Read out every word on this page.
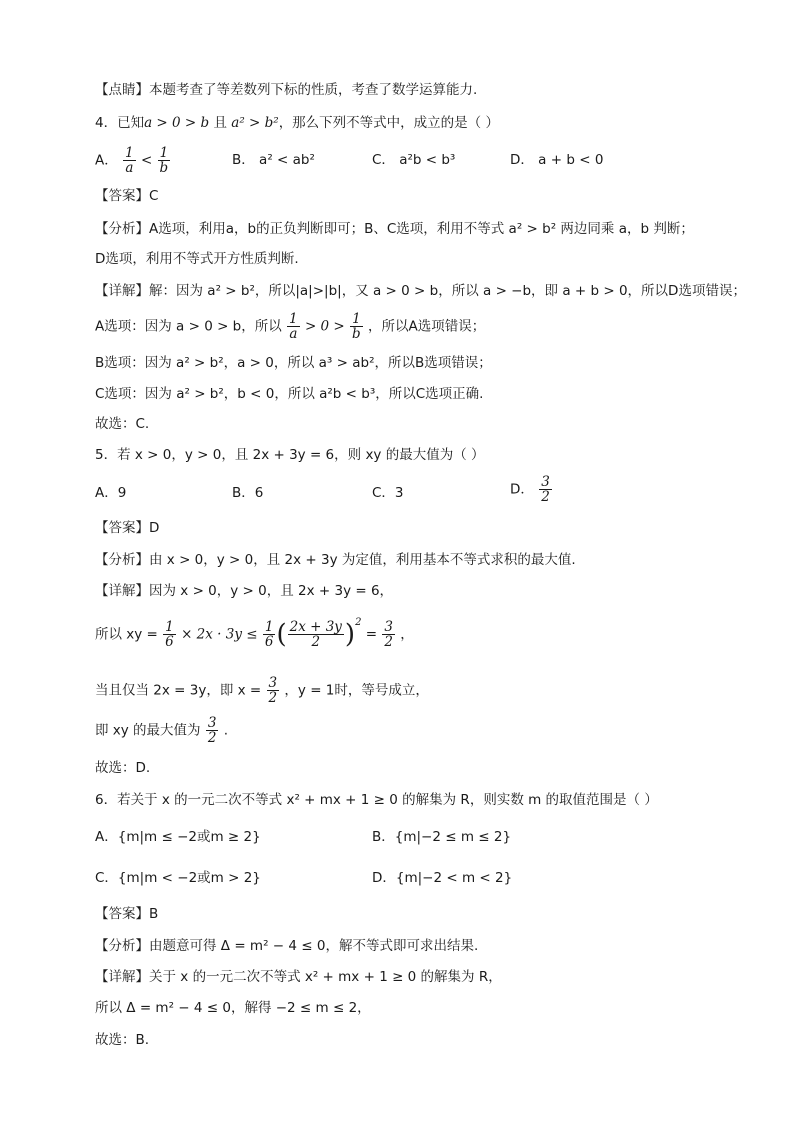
【点睛】本题考查了等差数列下标的性质，考查了数学运算能力.
4．已知a > 0 > b 且 a² > b²，那么下列不等式中，成立的是（ ）
A． $\frac{1}{a} < \frac{1}{b}$	B． a² < ab²	C． a²b < b³	D． a + b < 0
【答案】C
【分析】A选项，利用a，b的正负判断即可；B、C选项，利用不等式 a² > b² 两边同乘 a，b 判断；
D选项，利用不等式开方性质判断.
【详解】解：因为 a² > b²，所以|a|>|b|，又 a > 0 > b，所以 a > −b，即 a + b > 0，所以D选项错误；
A选项：因为 a > 0 > b，所以 $\frac{1}{a} > 0 > \frac{1}{b}$ ，所以A选项错误；
B选项：因为 a² > b²，a > 0，所以 a³ > ab²，所以B选项错误；
C选项：因为 a² > b²，b < 0，所以 a²b < b³，所以C选项正确.
故选：C.
5．若 x > 0，y > 0，且 2x + 3y = 6，则 xy 的最大值为（ ）
A．9	B．6	C．3	D． $\frac{3}{2}$
【答案】D
【分析】由 x > 0，y > 0，且 2x + 3y 为定值，利用基本不等式求积的最大值.
【详解】因为 x > 0，y > 0，且 2x + 3y = 6，
所以 xy = $\frac{1}{6} \times 2x \cdot 3y \le \frac{1}{6}$ ( $\frac{2x + 3y}{2} )^2 = \frac{3}{2}$ ，
当且仅当 2x = 3y，即 $x = \frac{3}{2}$ ，y = 1时，等号成立，
即 xy 的最大值为 $\frac{3}{2}$ .
故选：D.
6．若关于 x 的一元二次不等式 x² + mx + 1 ≥ 0 的解集为 R，则实数 m 的取值范围是（ ）
A．{m|m ≤ −2或m ≥ 2}	B．{m|−2 ≤ m ≤ 2}
C．{m|m < −2或m > 2}	D．{m|−2 < m < 2}
【答案】B
【分析】由题意可得 Δ = m² − 4 ≤ 0，解不等式即可求出结果.
【详解】关于 x 的一元二次不等式 x² + mx + 1 ≥ 0 的解集为 R，
所以 Δ = m² − 4 ≤ 0，解得 −2 ≤ m ≤ 2，
故选：B.
